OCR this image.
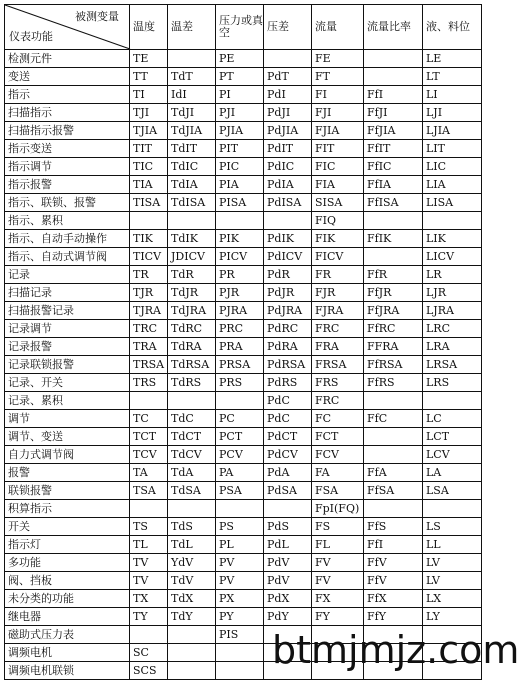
被测变量
仪表功能	温度	温差	压力或真空	压差	流量	流量比率	液、料位
检测元件	TE		PE		FE		LE
变送	TT	TdT	PT	PdT	FT		LT
指示	TI	IdI	PI	PdI	FI	FfI	LI
扫描指示	TJI	TdJI	PJI	PdJI	FJI	FfJI	LJI
扫描指示报警	TJIA	TdJIA	PJIA	PdJIA	FJIA	FfJIA	LJIA
指示变送	TIT	TdIT	PIT	PdIT	FIT	FfIT	LIT
指示调节	TIC	TdIC	PIC	PdIC	FIC	FfIC	LIC
指示报警	TIA	TdIA	PIA	PdIA	FIA	FfIA	LIA
指示、联锁、报警	TISA	TdISA	PISA	PdISA	SISA	FfISA	LISA
指示、累积					FIQ		
指示、自动手动操作	TIK	TdIK	PIK	PdIK	FIK	FfIK	LIK
指示、自动式调节阀	TICV	JDICV	PICV	PdICV	FICV		LICV
记录	TR	TdR	PR	PdR	FR	FfR	LR
扫描记录	TJR	TdJR	PJR	PdJR	FJR	FfJR	LJR
扫描报警记录	TJRA	TdJRA	PJRA	PdJRA	FJRA	FfJRA	LJRA
记录调节	TRC	TdRC	PRC	PdRC	FRC	FfRC	LRC
记录报警	TRA	TdRA	PRA	PdRA	FRA	FFRA	LRA
记录联锁报警	TRSA	TdRSA	PRSA	PdRSA	FRSA	FfRSA	LRSA
记录、开关	TRS	TdRS	PRS	PdRS	FRS	FfRS	LRS
记录、累积				PdC	FRC		
调节	TC	TdC	PC	PdC	FC	FfC	LC
调节、变送	TCT	TdCT	PCT	PdCT	FCT		LCT
自力式调节阀	TCV	TdCV	PCV	PdCV	FCV		LCV
报警	TA	TdA	PA	PdA	FA	FfA	LA
联锁报警	TSA	TdSA	PSA	PdSA	FSA	FfSA	LSA
积算指示					FpI(FQ)		
开关	TS	TdS	PS	PdS	FS	FfS	LS
指示灯	TL	TdL	PL	PdL	FL	FfI	LL
多功能	TV	YdV	PV	PdV	FV	FfV	LV
阀、挡板	TV	TdV	PV	PdV	FV	FfV	LV
未分类的功能	TX	TdX	PX	PdX	FX	FfX	LX
继电器	TY	TdY	PY	PdY	FY	FfY	LY
磁助式压力表			PIS				
调频电机	SC						
调频电机联锁	SCS							btmjmjz.com
